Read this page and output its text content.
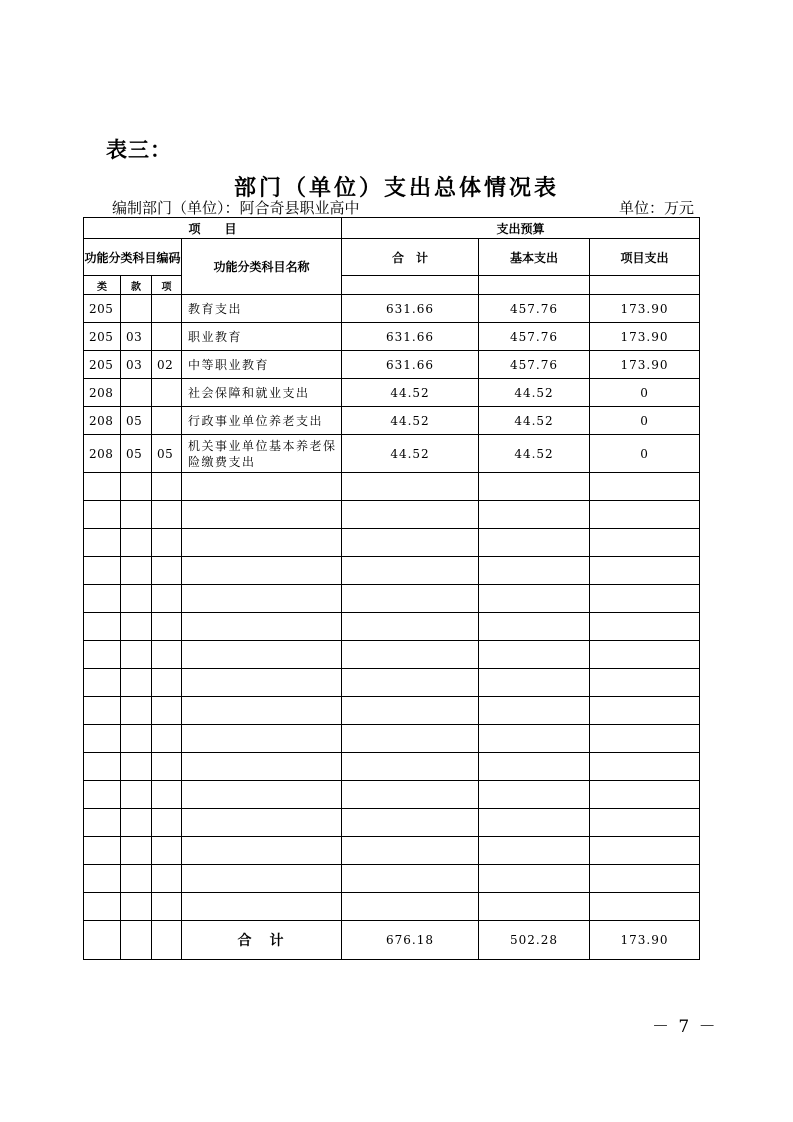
表三：
部门（单位）支出总体情况表
编制部门（单位）：阿合奇县职业高中	单位：万元
项　　目				支出预算		
功能分类科目编码			功能分类科目名称	合　计	基本支出	项目支出
类	款	项				
205			教育支出	631.66	457.76	173.90
205	03		职业教育	631.66	457.76	173.90
205	03	02	中等职业教育	631.66	457.76	173.90
208			社会保障和就业支出	44.52	44.52	0
208	05		行政事业单位养老支出	44.52	44.52	0
208	05	05	机关事业单位基本养老保险缴费支出	44.52	44.52	0

			合　计	676.18	502.28	173.90
－ 7 －
